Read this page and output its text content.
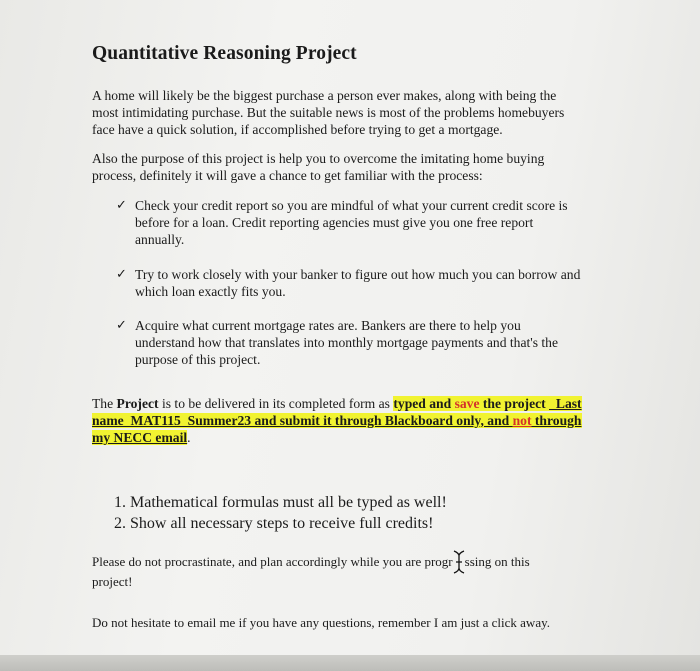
Quantitative Reasoning Project

A home will likely be the biggest purchase a person ever makes, along with being the most intimidating purchase. But the suitable news is most of the problems homebuyers face have a quick solution, if accomplished before trying to get a mortgage.

Also the purpose of this project is help you to overcome the imitating home buying process, definitely it will gave a chance to get familiar with the process:

✓ Check your credit report so you are mindful of what your current credit score is before for a loan. Credit reporting agencies must give you one free report annually.
✓ Try to work closely with your banker to figure out how much you can borrow and which loan exactly fits you.
✓ Acquire what current mortgage rates are. Bankers are there to help you understand how that translates into monthly mortgage payments and that's the purpose of this project.

The Project is to be delivered in its completed form as typed and save the project _Last name_MAT115_Summer23 and submit it through Blackboard only, and not through my NECC email.

1. Mathematical formulas must all be typed as well!
2. Show all necessary steps to receive full credits!

Please do not procrastinate, and plan accordingly while you are progr ssing on this project!

Do not hesitate to email me if you have any questions, remember I am just a click away.
